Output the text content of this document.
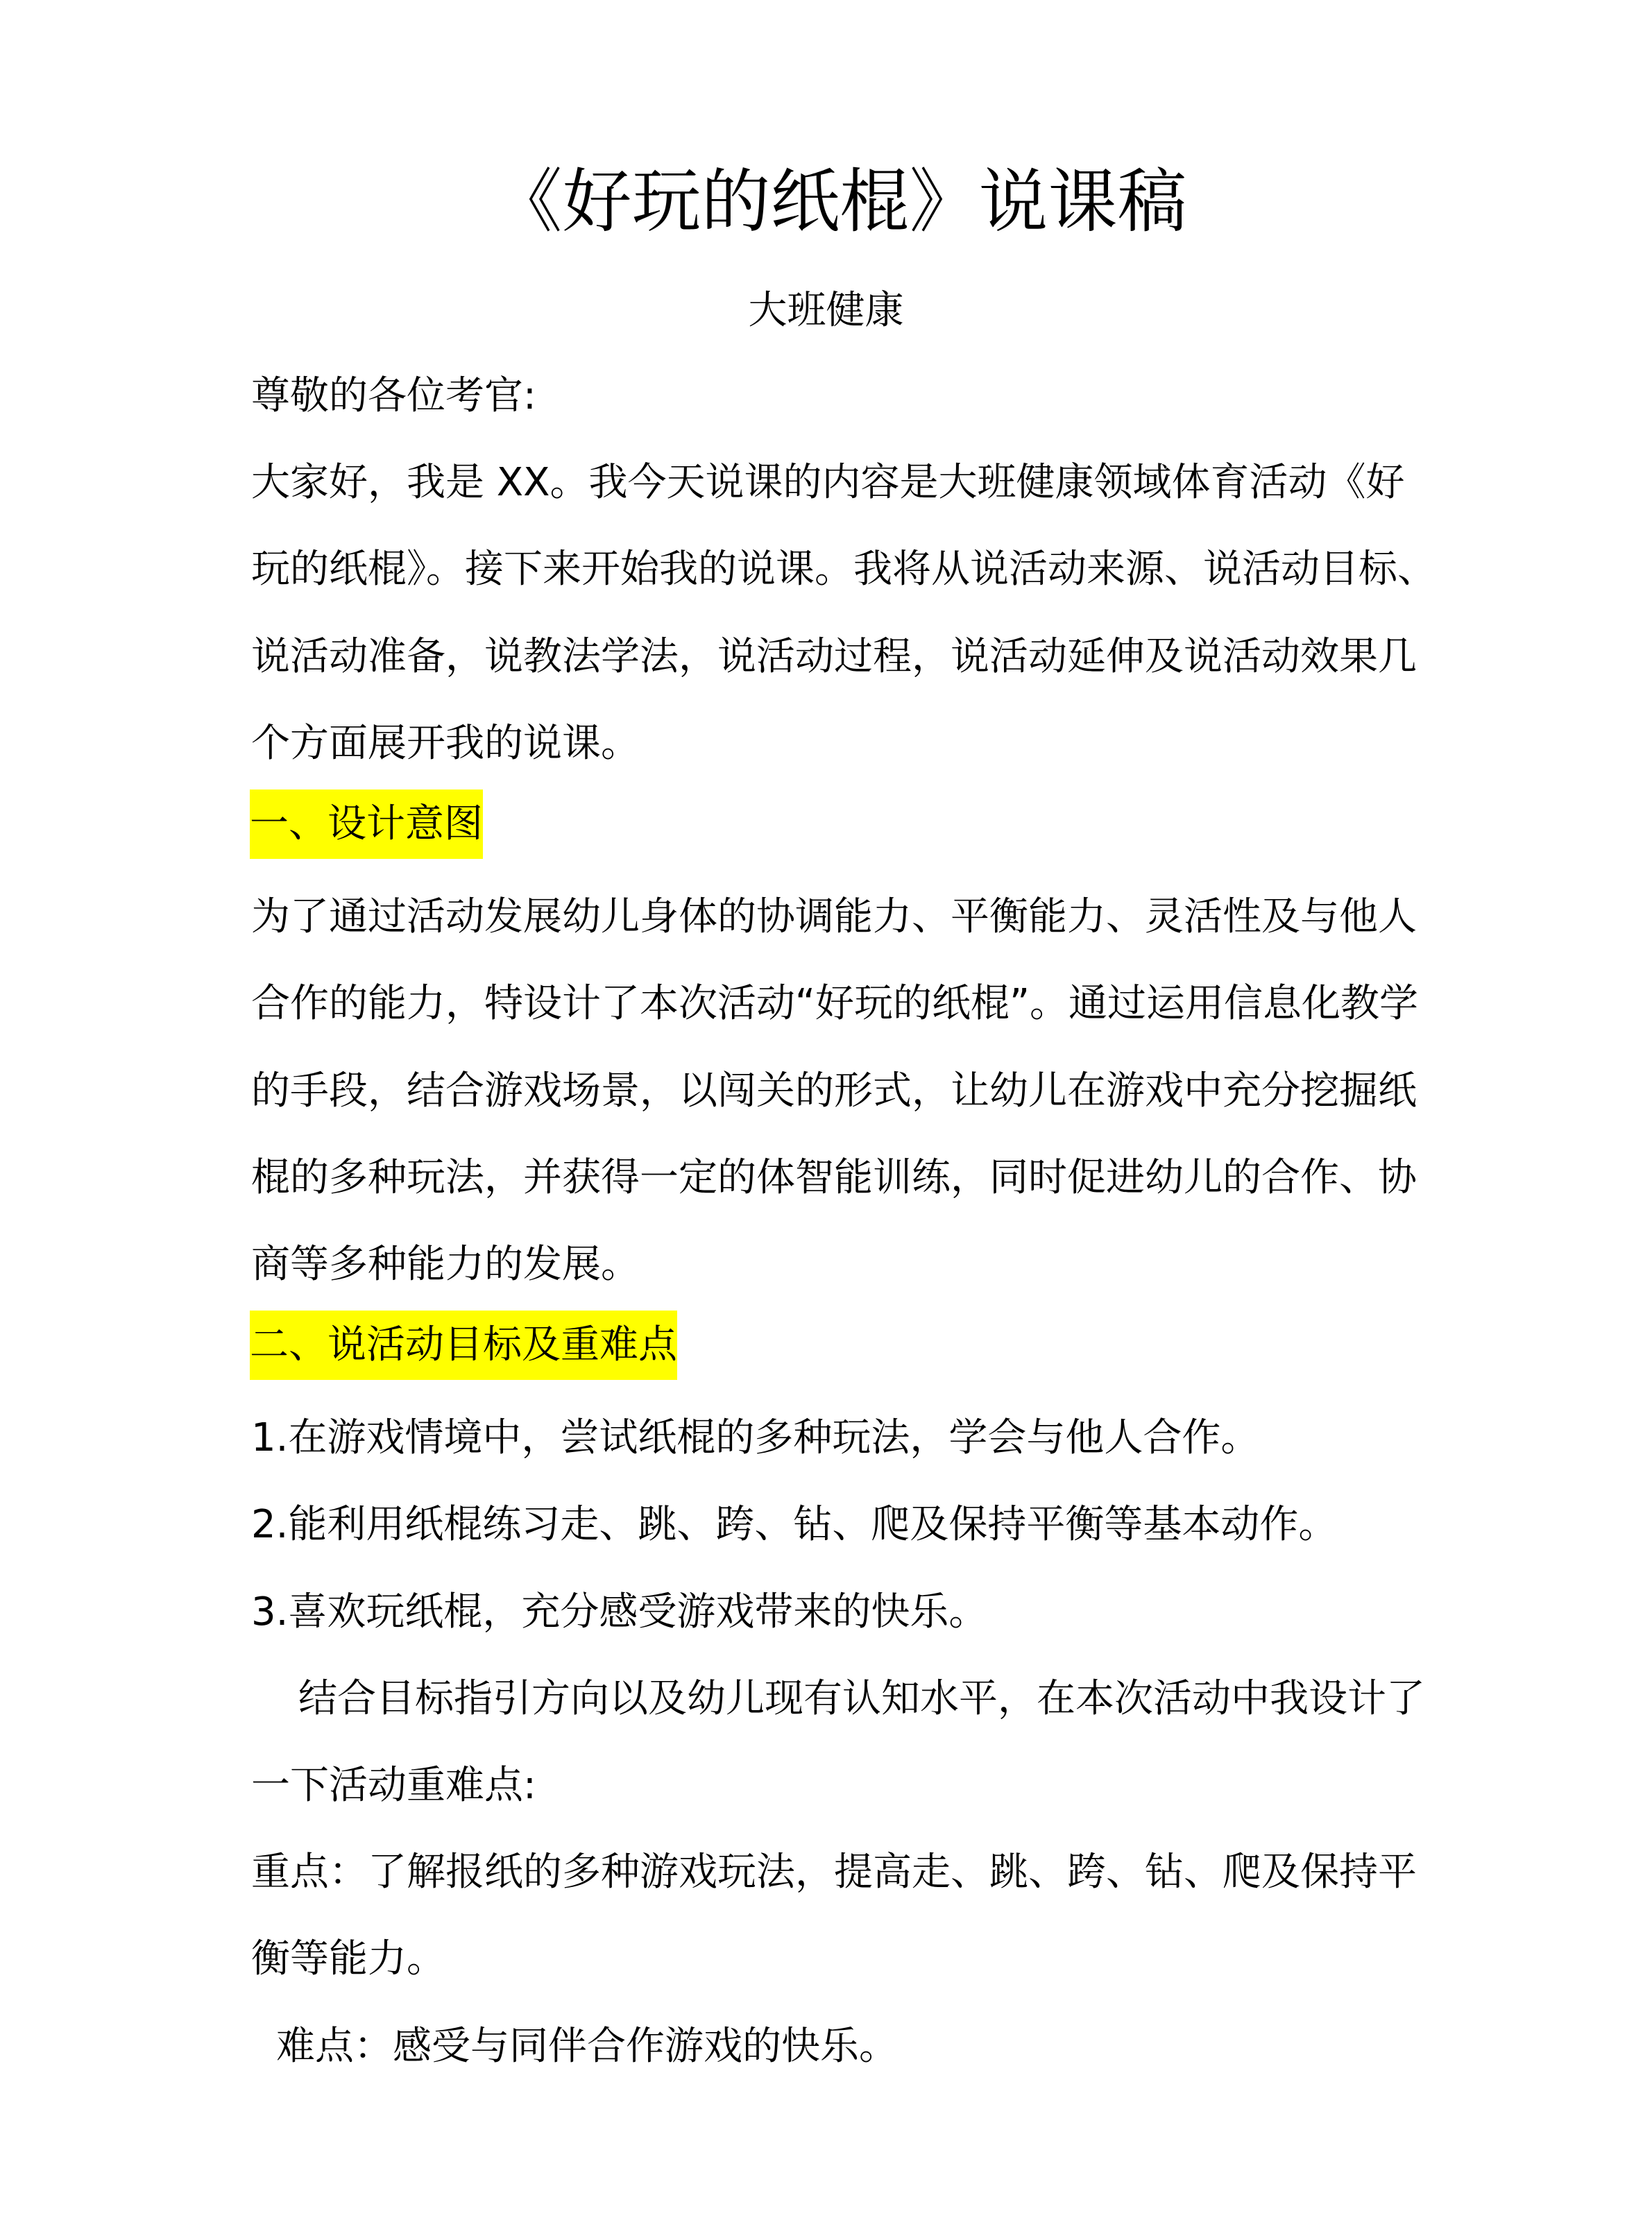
《好玩的纸棍》说课稿
大班健康
尊敬的各位考官:
大家好，我是 XX。我今天说课的内容是大班健康领域体育活动《好
玩的纸棍》。接下来开始我的说课。我将从说活动来源、说活动目标、
说活动准备，说教法学法，说活动过程，说活动延伸及说活动效果几
个方面展开我的说课。
一、设计意图
为了通过活动发展幼儿身体的协调能力、平衡能力、灵活性及与他人
合作的能力，特设计了本次活动“好玩的纸棍”。通过运用信息化教学
的手段，结合游戏场景，以闯关的形式，让幼儿在游戏中充分挖掘纸
棍的多种玩法，并获得一定的体智能训练，同时促进幼儿的合作、协
商等多种能力的发展。
二、说活动目标及重难点
1.在游戏情境中，尝试纸棍的多种玩法，学会与他人合作。
2.能利用纸棍练习走、跳、跨、钻、爬及保持平衡等基本动作。
3.喜欢玩纸棍，充分感受游戏带来的快乐。
结合目标指引方向以及幼儿现有认知水平，在本次活动中我设计了
一下活动重难点:
重点：了解报纸的多种游戏玩法，提高走、跳、跨、钻、爬及保持平
衡等能力。
难点：感受与同伴合作游戏的快乐。
